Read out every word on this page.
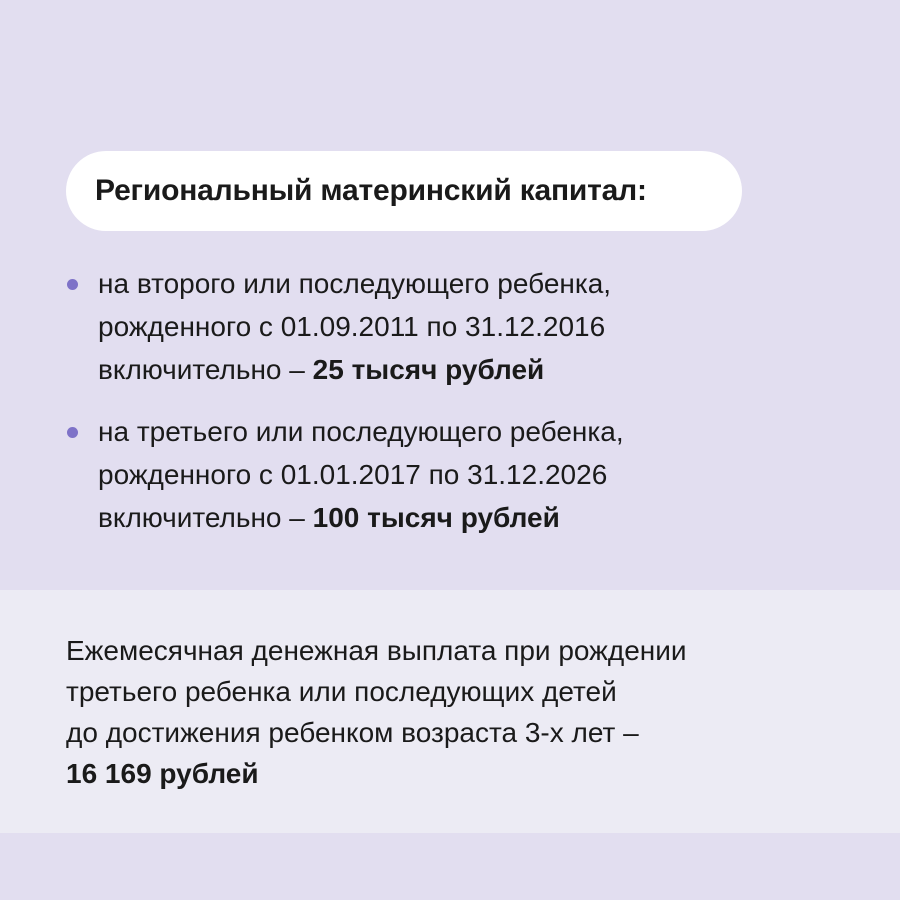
Региональный материнский капитал:
на второго или последующего ребенка,
рожденного с 01.09.2011 по 31.12.2016
включительно – 25 тысяч рублей
на третьего или последующего ребенка,
рожденного с 01.01.2017 по 31.12.2026
включительно – 100 тысяч рублей
Ежемесячная денежная выплата при рождении
третьего ребенка или последующих детей
до достижения ребенком возраста 3-х лет –
16 169 рублей
